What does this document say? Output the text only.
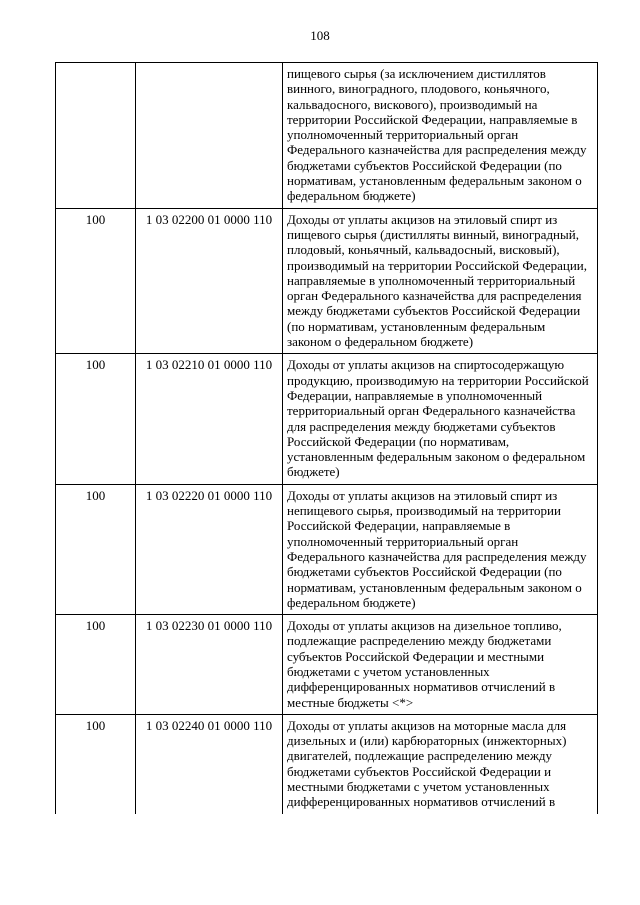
108
		пищевого сырья (за исключением дистиллятов винного, виноградного, плодового, коньячного, кальвадосного, вискового), производимый на территории Российской Федерации, направляемые в уполномоченный территориальный орган Федерального казначейства для распределения между бюджетами субъектов Российской Федерации (по нормативам, установленным федеральным законом о федеральном бюджете)
100	1 03 02200 01 0000 110	Доходы от уплаты акцизов на этиловый спирт из пищевого сырья (дистилляты винный, виноградный, плодовый, коньячный, кальвадосный, висковый), производимый на территории Российской Федерации, направляемые в уполномоченный территориальный орган Федерального казначейства для распределения между бюджетами субъектов Российской Федерации (по нормативам, установленным федеральным законом о федеральном бюджете)
100	1 03 02210 01 0000 110	Доходы от уплаты акцизов на спиртосодержащую продукцию, производимую на территории Российской Федерации, направляемые в уполномоченный территориальный орган Федерального казначейства для распределения между бюджетами субъектов Российской Федерации (по нормативам, установленным федеральным законом о федеральном бюджете)
100	1 03 02220 01 0000 110	Доходы от уплаты акцизов на этиловый спирт из непищевого сырья, производимый на территории Российской Федерации, направляемые в уполномоченный территориальный орган Федерального казначейства для распределения между бюджетами субъектов Российской Федерации (по нормативам, установленным федеральным законом о федеральном бюджете)
100	1 03 02230 01 0000 110	Доходы от уплаты акцизов на дизельное топливо, подлежащие распределению между бюджетами субъектов Российской Федерации и местными бюджетами с учетом установленных дифференцированных нормативов отчислений в местные бюджеты <*>
100	1 03 02240 01 0000 110	Доходы от уплаты акцизов на моторные масла для дизельных и (или) карбюраторных (инжекторных) двигателей, подлежащие распределению между бюджетами субъектов Российской Федерации и местными бюджетами с учетом установленных дифференцированных нормативов отчислений в
